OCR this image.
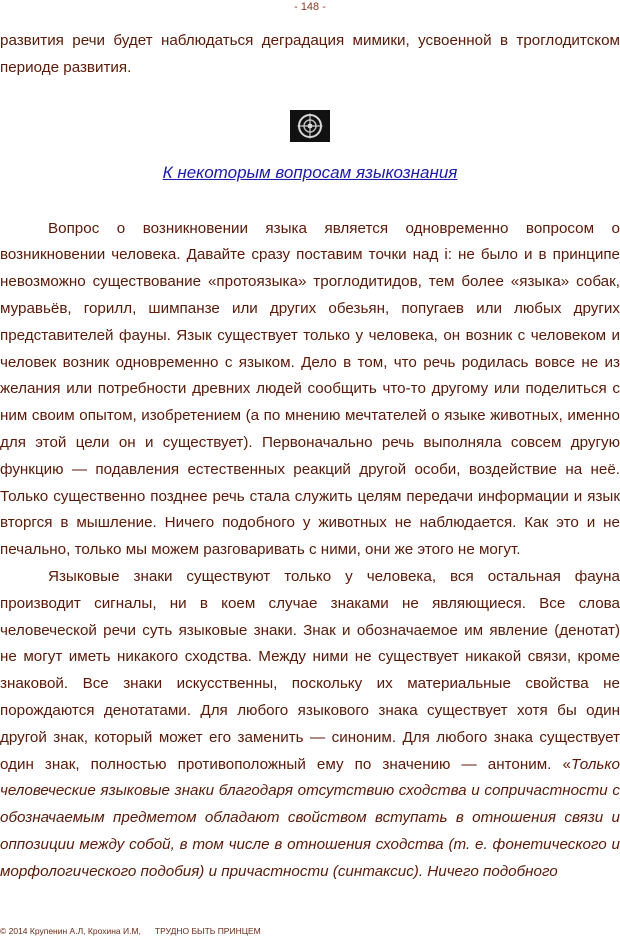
- 148 -

развития речи будет наблюдаться деградация мимики, усвоенной в троглодитском периоде развития.

К некоторым вопросам языкознания

Вопрос о возникновении языка является одновременно вопросом о возникновении человека. Давайте сразу поставим точки над i: не было и в принципе невозможно существование «протоязыка» троглодитидов, тем более «языка» собак, муравьёв, горилл, шимпанзе или других обезьян, попугаев или любых других представителей фауны. Язык существует только у человека, он возник с человеком и человек возник одновременно с языком. Дело в том, что речь родилась вовсе не из желания или потребности древних людей сообщить что-то другому или поделиться с ним своим опытом, изобретением (а по мнению мечтателей о языке животных, именно для этой цели он и существует). Первоначально речь выполняла совсем другую функцию — подавления естественных реакций другой особи, воздействие на неё. Только существенно позднее речь стала служить целям передачи информации и язык вторгся в мышление. Ничего подобного у животных не наблюдается. Как это и не печально, только мы можем разговаривать с ними, они же этого не могут.

Языковые знаки существуют только у человека, вся остальная фауна производит сигналы, ни в коем случае знаками не являющиеся. Все слова человеческой речи суть языковые знаки. Знак и обозначаемое им явление (денотат) не могут иметь никакого сходства. Между ними не существует никакой связи, кроме знаковой. Все знаки искусственны, поскольку их материальные свойства не порождаются денотатами. Для любого языкового знака существует хотя бы один другой знак, который может его заменить — синоним. Для любого знака существует один знак, полностью противоположный ему по значению — антоним. «Только человеческие языковые знаки благодаря отсутствию сходства и сопричастности с обозначаемым предметом обладают свойством вступать в отношения связи и оппозиции между собой, в том числе в отношения сходства (т. е. фонетического и морфологического подобия) и причастности (синтаксис). Ничего подобного

© 2014 Крупенин А.Л, Крохина И.М, ТРУДНО БЫТЬ ПРИНЦЕМ
